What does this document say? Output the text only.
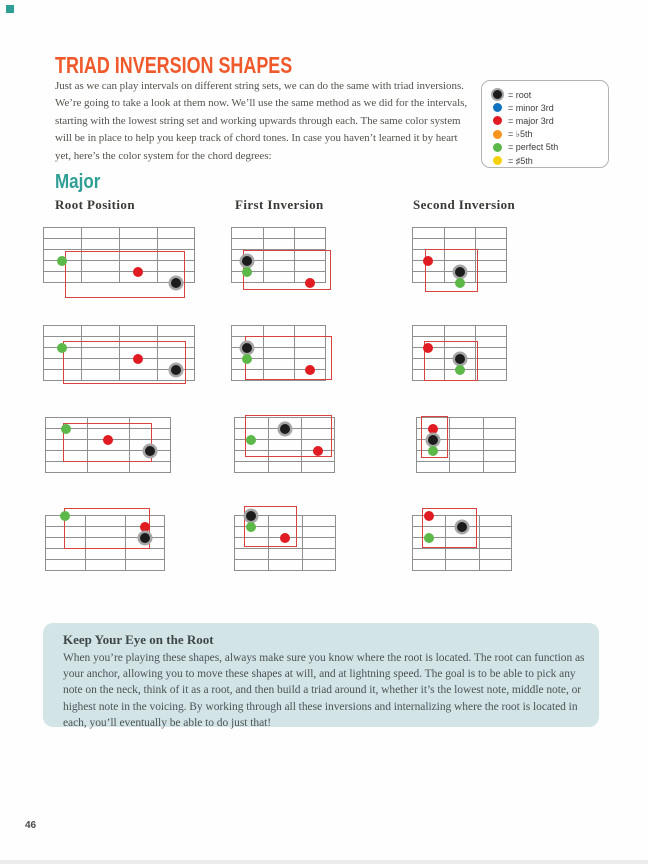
TRIAD INVERSION SHAPES

Just as we can play intervals on different string sets, we can do the same with triad inversions. We’re going to take a look at them now. We’ll use the same method as we did for the intervals, starting with the lowest string set and working upwards through each. The same color system will be in place to help you keep track of chord tones. In case you haven’t learned it by heart yet, here’s the color system for the chord degrees:

= root
= minor 3rd
= major 3rd
= ♭5th
= perfect 5th
= ♯5th
Major
Root Position	First Inversion	Second Inversion

Keep Your Eye on the Root

When you’re playing these shapes, always make sure you know where the root is located. The root can function as your anchor, allowing you to move these shapes at will, and at lightning speed. The goal is to be able to pick any note on the neck, think of it as a root, and then build a triad around it, whether it’s the lowest note, middle note, or highest note in the voicing. By working through all these inversions and internalizing where the root is located in each, you’ll eventually be able to do just that!

46
